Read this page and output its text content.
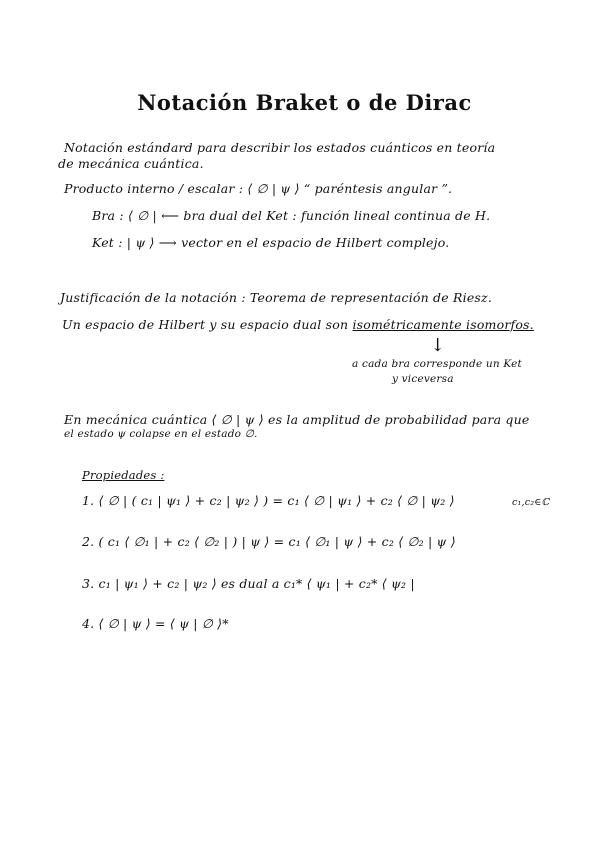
Notación Braket o de Dirac
Notación estándard para describir los estados cuánticos en teoría
de mecánica cuántica.
Producto interno / escalar : ⟨ ∅ | ψ ⟩ “ paréntesis angular ”.
Bra : ⟨ ∅ | ⟵ bra dual del Ket : función lineal continua de H.
Ket : | ψ ⟩ ⟶ vector en el espacio de Hilbert complejo.
Justificación de la notación : Teorema de representación de Riesz.
Un espacio de Hilbert y su espacio dual son isométricamente isomorfos.
↓
a cada bra corresponde un Ket
y viceversa
En mecánica cuántica ⟨ ∅ | ψ ⟩ es la amplitud de probabilidad para que
el estado ψ colapse en el estado ∅.
Propiedades :
1. ⟨ ∅ | ( c₁ | ψ₁ ⟩ + c₂ | ψ₂ ⟩ ) = c₁ ⟨ ∅ | ψ₁ ⟩ + c₂ ⟨ ∅ | ψ₂ ⟩	c₁,c₂∈ℂ
2. ( c₁ ⟨ ∅₁ | + c₂ ⟨ ∅₂ | ) | ψ ⟩ = c₁ ⟨ ∅₁ | ψ ⟩ + c₂ ⟨ ∅₂ | ψ ⟩
3. c₁ | ψ₁ ⟩ + c₂ | ψ₂ ⟩ es dual a c₁* ⟨ ψ₁ | + c₂* ⟨ ψ₂ |
4. ⟨ ∅ | ψ ⟩ = ⟨ ψ | ∅ ⟩*
